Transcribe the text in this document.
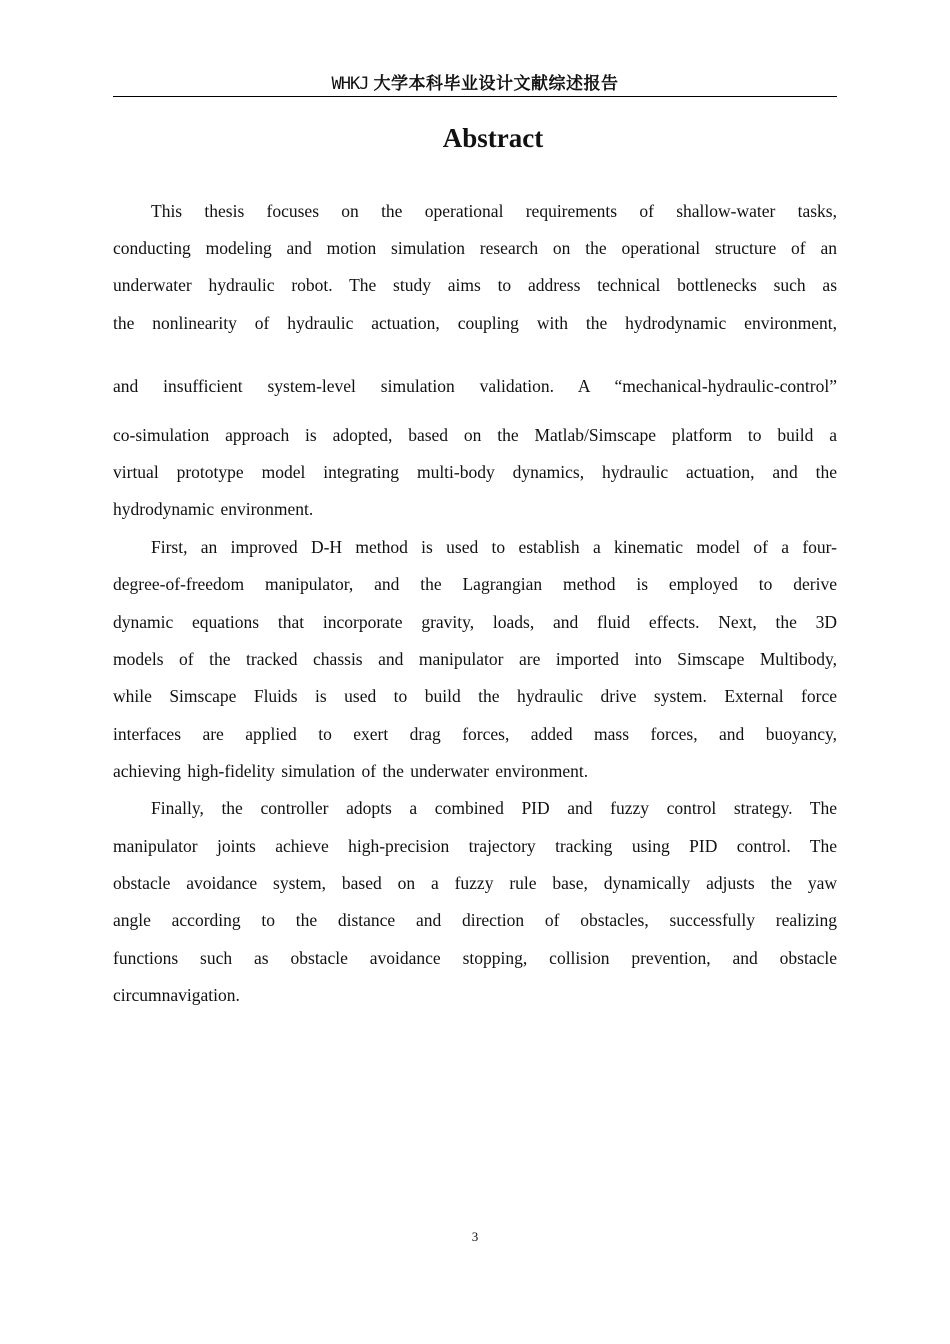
WHKJ 大学本科毕业设计文献综述报告
Abstract
This thesis focuses on the operational requirements of shallow-water tasks,
conducting modeling and motion simulation research on the operational structure of an
underwater hydraulic robot. The study aims to address technical bottlenecks such as
the nonlinearity of hydraulic actuation, coupling with the hydrodynamic environment,
and insufficient system-level simulation validation. A “mechanical-hydraulic-control”
co-simulation approach is adopted, based on the Matlab/Simscape platform to build a
virtual prototype model integrating multi-body dynamics, hydraulic actuation, and the
hydrodynamic environment.
First, an improved D-H method is used to establish a kinematic model of a four-
degree-of-freedom manipulator, and the Lagrangian method is employed to derive
dynamic equations that incorporate gravity, loads, and fluid effects. Next, the 3D
models of the tracked chassis and manipulator are imported into Simscape Multibody,
while Simscape Fluids is used to build the hydraulic drive system. External force
interfaces are applied to exert drag forces, added mass forces, and buoyancy,
achieving high-fidelity simulation of the underwater environment.
Finally, the controller adopts a combined PID and fuzzy control strategy. The
manipulator joints achieve high-precision trajectory tracking using PID control. The
obstacle avoidance system, based on a fuzzy rule base, dynamically adjusts the yaw
angle according to the distance and direction of obstacles, successfully realizing
functions such as obstacle avoidance stopping, collision prevention, and obstacle
circumnavigation.
3
